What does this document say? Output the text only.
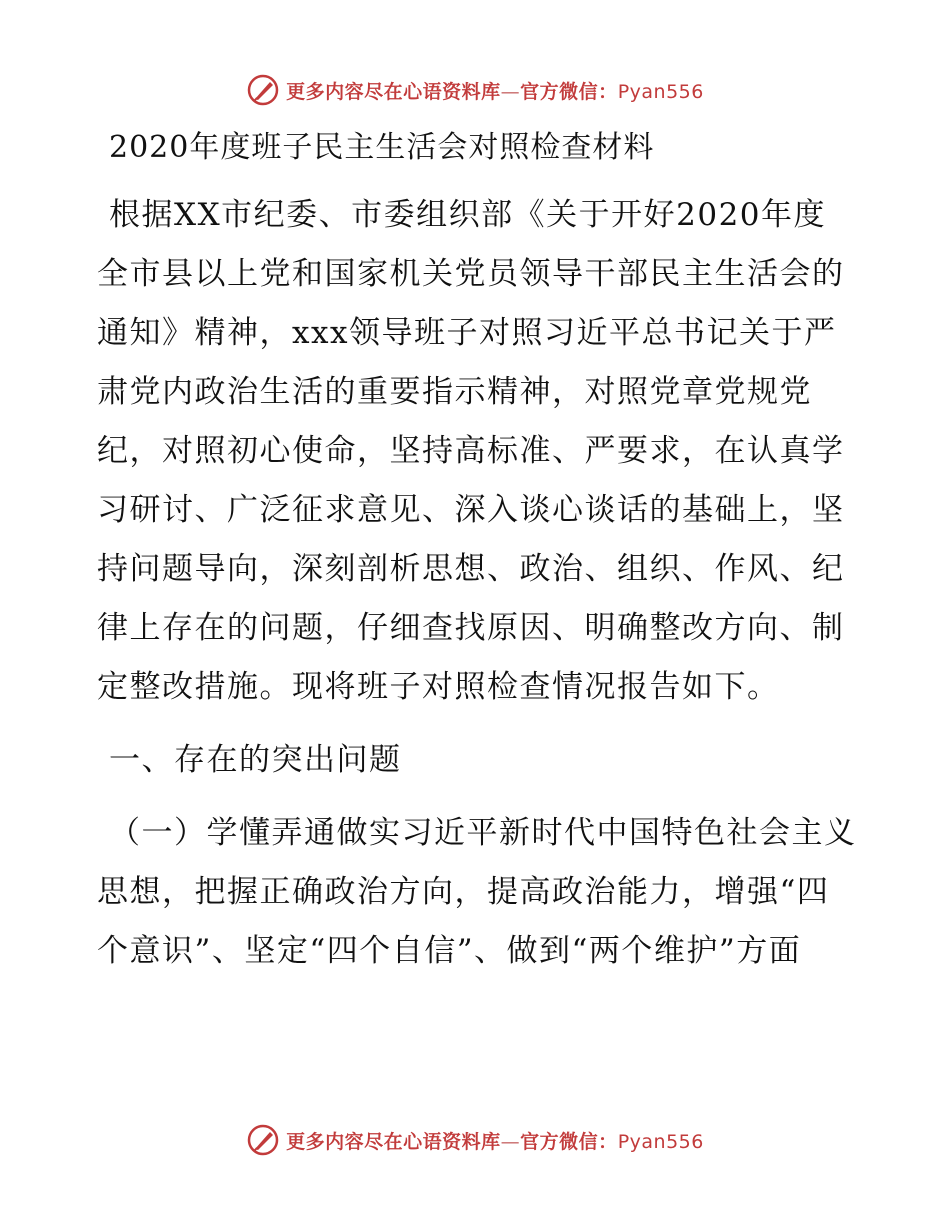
更多内容尽在心语资料库—官方微信：Pyan556
2020年度班子民主生活会对照检查材料

根据XX市纪委、市委组织部《关于开好2020年度全市县以上党和国家机关党员领导干部民主生活会的通知》精神，xxx领导班子对照习近平总书记关于严肃党内政治生活的重要指示精神，对照党章党规党纪，对照初心使命，坚持高标准、严要求，在认真学习研讨、广泛征求意见、深入谈心谈话的基础上，坚持问题导向，深刻剖析思想、政治、组织、作风、纪律上存在的问题，仔细查找原因、明确整改方向、制定整改措施。现将班子对照检查情况报告如下。

一、存在的突出问题

（一）学懂弄通做实习近平新时代中国特色社会主义思想，把握正确政治方向，提高政治能力，增强“四个意识”、坚定“四个自信”、做到“两个维护”方面

更多内容尽在心语资料库—官方微信：Pyan556
